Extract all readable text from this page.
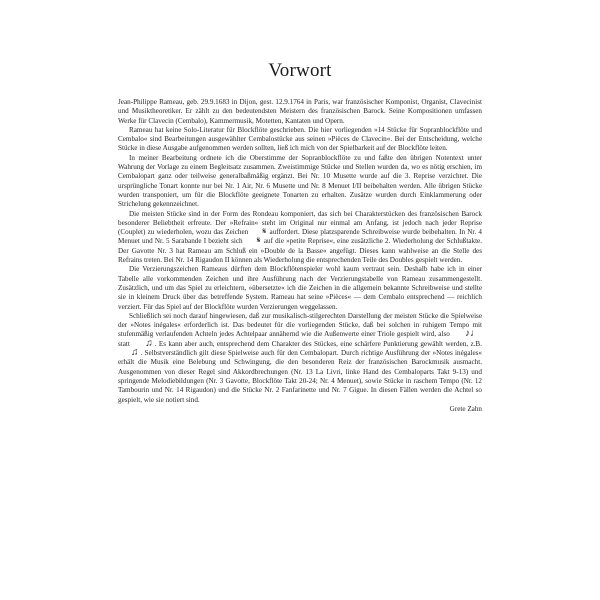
Vorwort

Jean-Philippe Rameau, geb. 29.9.1683 in Dijon, gest. 12.9.1764 in Paris, war französischer Komponist, Organist, Clavecinist und Musiktheoretiker. Er zählt zu den bedeutendsten Meistern des französischen Barock. Seine Kompositionen umfassen Werke für Clavecin (Cembalo), Kammermusik, Motetten, Kantaten und Opern.

Rameau hat keine Solo-Literatur für Blockflöte geschrieben. Die hier vorliegenden »14 Stücke für Sopranblockflöte und Cembalo« sind Bearbeitungen ausgewählter Cembalostücke aus seinen »Pièces de Clavecin«. Bei der Entscheidung, welche Stücke in diese Ausgabe aufgenommen werden sollten, ließ ich mich von der Spielbarkeit auf der Blockflöte leiten.

In meiner Bearbeitung ordnete ich die Oberstimme der Sopranblockflöte zu und faßte den übrigen Notentext unter Wahrung der Vorlage zu einem Begleitsatz zusammen. Zweistimmige Stücke und Stellen wurden da, wo es nötig erschien, im Cembalopart ganz oder teilweise generalbaßmäßig ergänzt. Bei Nr. 10 Musette wurde auf die 3. Reprise verzichtet. Die ursprüngliche Tonart konnte nur bei Nr. 1 Air, Nr. 6 Musette und Nr. 8 Menuet I/II beibehalten werden. Alle übrigen Stücke wurden transponiert, um für die Blockflöte geeignete Tonarten zu erhalten. Zusätze wurden durch Einklammerung oder Strichelung gekennzeichnet.

Die meisten Stücke sind in der Form des Rondeau komponiert, das sich bei Charakterstücken des französischen Barock besonderer Beliebtheit erfreute. Der »Refrain« steht im Original nur einmal am Anfang, ist jedoch nach jeder Reprise (Couplet) zu wiederholen, wozu das Zeichen 𝄋 auffordert. Diese platzsparende Schreibweise wurde beibehalten. In Nr. 4 Menuet und Nr. 5 Sarabande I bezieht sich 𝄋 auf die »petite Reprise«, eine zusätzliche 2. Wiederholung der Schlußtakte. Der Gavotte Nr. 3 hat Rameau am Schluß ein »Double de la Basse« angefügt. Dieses kann wahlweise an die Stelle des Refrains treten. Bei Nr. 14 Rigaudon II können als Wiederholung die entsprechenden Teile des Doubles gespielt werden.

Die Verzierungszeichen Rameaus dürften dem Blockflötenspieler wohl kaum vertraut sein. Deshalb habe ich in einer Tabelle alle vorkommenden Zeichen und ihre Ausführung nach der Verzierungstabelle von Rameau zusammengestellt. Zusätzlich, und um das Spiel zu erleichtern, »übersetzte« ich die Zeichen in die allgemein bekannte Schreibweise und stellte sie in kleinem Druck über das betreffende System. Rameau hat seine »Pièces« — dem Cembalo entsprechend — reichlich verziert. Für das Spiel auf der Blockflöte wurden Verzierungen weggelassen.

Schließlich sei noch darauf hingewiesen, daß zur musikalisch-stilgerechten Darstellung der meisten Stücke die Spielweise der »Notes inégales« erforderlich ist. Das bedeutet für die vorliegenden Stücke, daß bei solchen in ruhigem Tempo mit stufenmäßig verlaufenden Achteln jedes Achtelpaar annähernd wie die Außenwerte einer Triole gespielt wird, also ♪♩ statt ♫ . Es kann aber auch, entsprechend dem Charakter des Stückes, eine schärfere Punktierung gewählt werden, z.B. ♫ . Selbstverständlich gilt diese Spielweise auch für den Cembalopart. Durch richtige Ausführung der »Notes inégales« erhält die Musik eine Belebung und Schwingung, die den besonderen Reiz der französischen Barockmusik ausmacht. Ausgenommen von dieser Regel sind Akkordbrechungen (Nr. 13 La Livri, linke Hand des Cembaloparts Takt 9-13) und springende Melodiebildungen (Nr. 3 Gavotte, Blockflöte Takt 20-24; Nr. 4 Menuet), sowie Stücke in raschem Tempo (Nr. 12 Tambourin und Nr. 14 Rigaudon) und die Stücke Nr. 2 Fanfarinette und Nr. 7 Gigue. In diesen Fällen werden die Achtel so gespielt, wie sie notiert sind.

Grete Zahn
